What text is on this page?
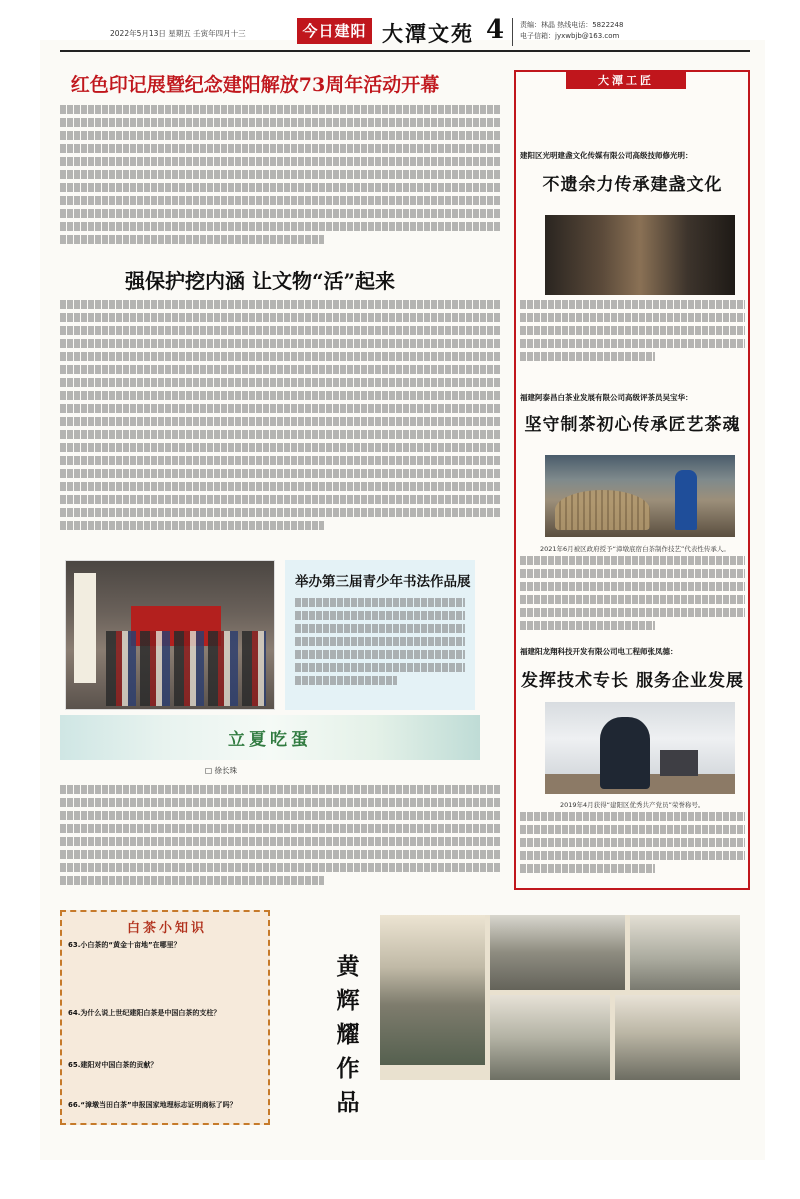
2022年5月13日 星期五 壬寅年四月十三	今日建阳 大潭文苑 4 责编：林晶 热线电话：5822248
电子信箱：jyxwbjb@163.com
红色印记展暨纪念建阳解放73周年活动开幕
强保护挖内涵 让文物“活”起来
举办第三届青少年书法作品展
立夏吃蛋
□ 徐长珠
白茶小知识
63.小白茶的“黄金十亩地”在哪里？
64.为什么说上世纪建阳白茶是中国白茶的支柱？
65.建阳对中国白茶的贡献？
66.“漳墩当田白茶”申报国家地理标志证明商标了吗？
黄辉耀作品
大潭工匠
建阳区光明建盏文化传媒有限公司高级技师修光明：
不遗余力传承建盏文化
福建阿泰昌白茶业发展有限公司高级评茶员吴宝华：
坚守制茶初心传承匠艺茶魂
2021年6月被区政府授予“漳墩底宿白茶制作技艺”代表性传承人。
福建阳龙翔科技开发有限公司电工程师张凤德：
发挥技术专长 服务企业发展
2019年4月获得“建阳区优秀共产党员”荣誉称号。
